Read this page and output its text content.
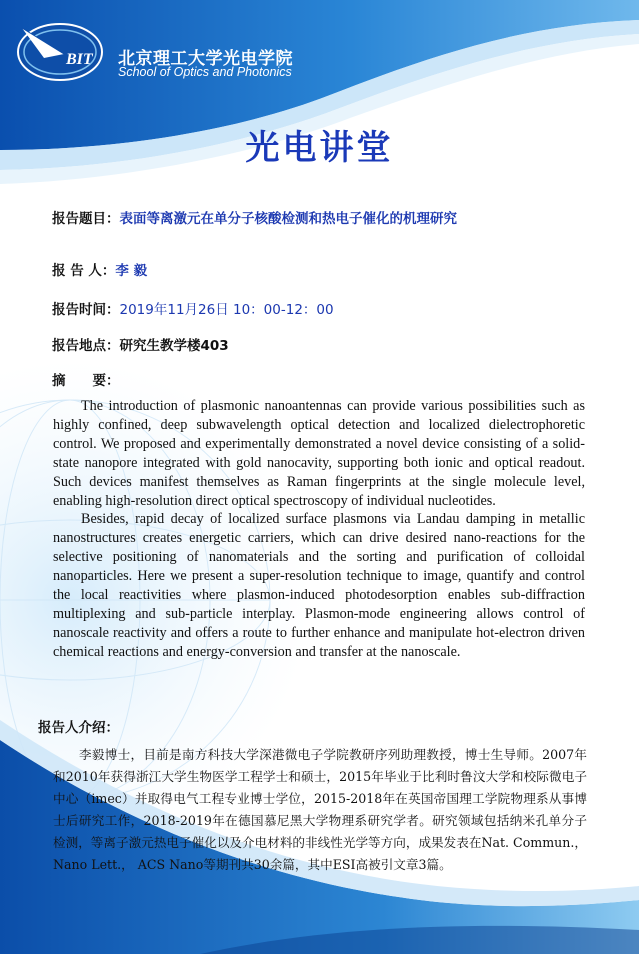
BIT 北京理工大学光电学院
School of Optics and Photonics
光电讲堂
报告题目：表面等离激元在单分子核酸检测和热电子催化的机理研究
报 告 人：李 毅
报告时间：2019年11月26日 10：00-12：00
报告地点：研究生教学楼403
摘　　要：

The introduction of plasmonic nanoantennas can provide various possibilities such as highly confined, deep subwavelength optical detection and localized dielectrophoretic control. We proposed and experimentally demonstrated a novel device consisting of a solid-state nanopore integrated with gold nanocavity, supporting both ionic and optical readout. Such devices manifest themselves as Raman fingerprints at the single molecule level, enabling high-resolution direct optical spectroscopy of individual nucleotides.

Besides, rapid decay of localized surface plasmons via Landau damping in metallic nanostructures creates energetic carriers, which can drive desired nano-reactions for the selective positioning of nanomaterials and the sorting and purification of colloidal nanoparticles. Here we present a super-resolution technique to image, quantify and control the local reactivities where plasmon-induced photodesorption enables sub-diffraction multiplexing and sub-particle interplay. Plasmon-mode engineering allows control of nanoscale reactivity and offers a route to further enhance and manipulate hot-electron driven chemical reactions and energy-conversion and transfer at the nanoscale.

报告人介绍：

李毅博士，目前是南方科技大学深港微电子学院教研序列助理教授，博士生导师。2007年和2010年获得浙江大学生物医学工程学士和硕士，2015年毕业于比利时鲁汶大学和校际微电子中心（imec）并取得电气工程专业博士学位，2015-2018年在英国帝国理工学院物理系从事博士后研究工作，2018-2019年在德国慕尼黑大学物理系研究学者。研究领域包括纳米孔单分子检测，等离子激元热电子催化以及介电材料的非线性光学等方向，成果发表在Nat. Commun.，Nano Lett.， ACS Nano等期刊共30余篇，其中ESI高被引文章3篇。
